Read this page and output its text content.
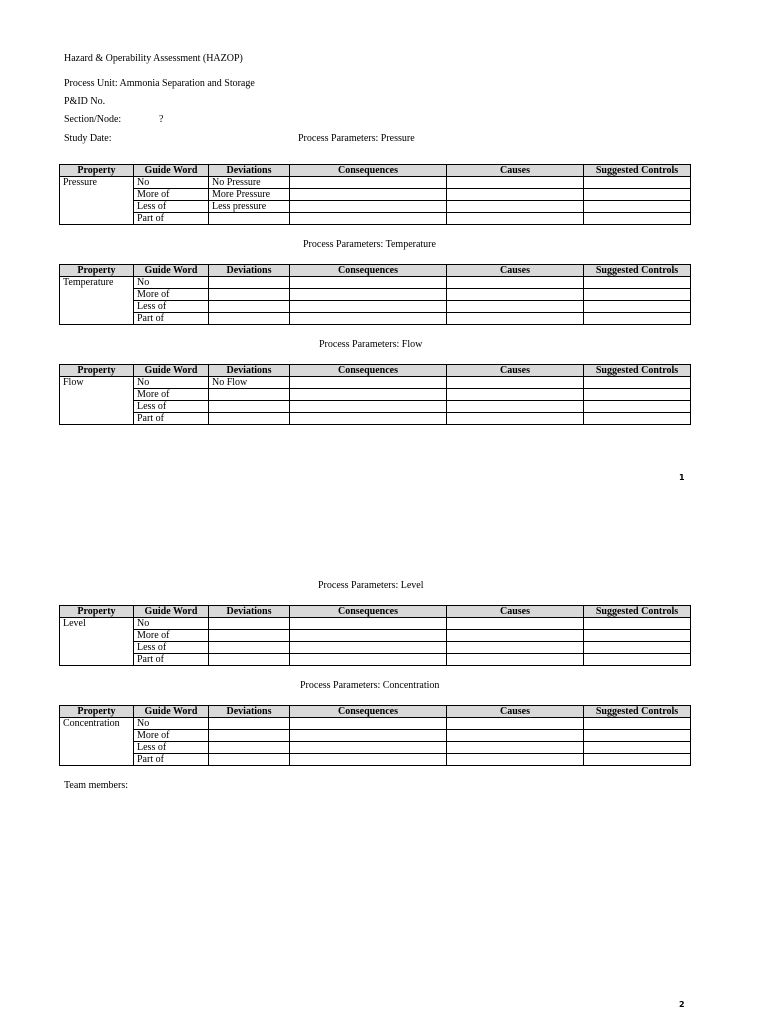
Hazard & Operability Assessment (HAZOP)
Process Unit: Ammonia Separation and Storage
P&ID No.
Section/Node:	?
Study Date:	Process Parameters: Pressure
Property	Guide Word	Deviations	Consequences	Causes	Suggested Controls
Pressure	No	No Pressure			
	More of	More Pressure			
	Less of	Less pressure			
	Part of				
Process Parameters: Temperature
Property	Guide Word	Deviations	Consequences	Causes	Suggested Controls
Temperature	No				
	More of				
	Less of				
	Part of				
Process Parameters: Flow
Property	Guide Word	Deviations	Consequences	Causes	Suggested Controls
Flow	No	No Flow			
	More of				
	Less of				
	Part of				
1
Process Parameters: Level
Property	Guide Word	Deviations	Consequences	Causes	Suggested Controls
Level	No				
	More of				
	Less of				
	Part of				
Process Parameters: Concentration
Property	Guide Word	Deviations	Consequences	Causes	Suggested Controls
Concentration	No				
	More of				
	Less of				
	Part of				
Team members:
2
